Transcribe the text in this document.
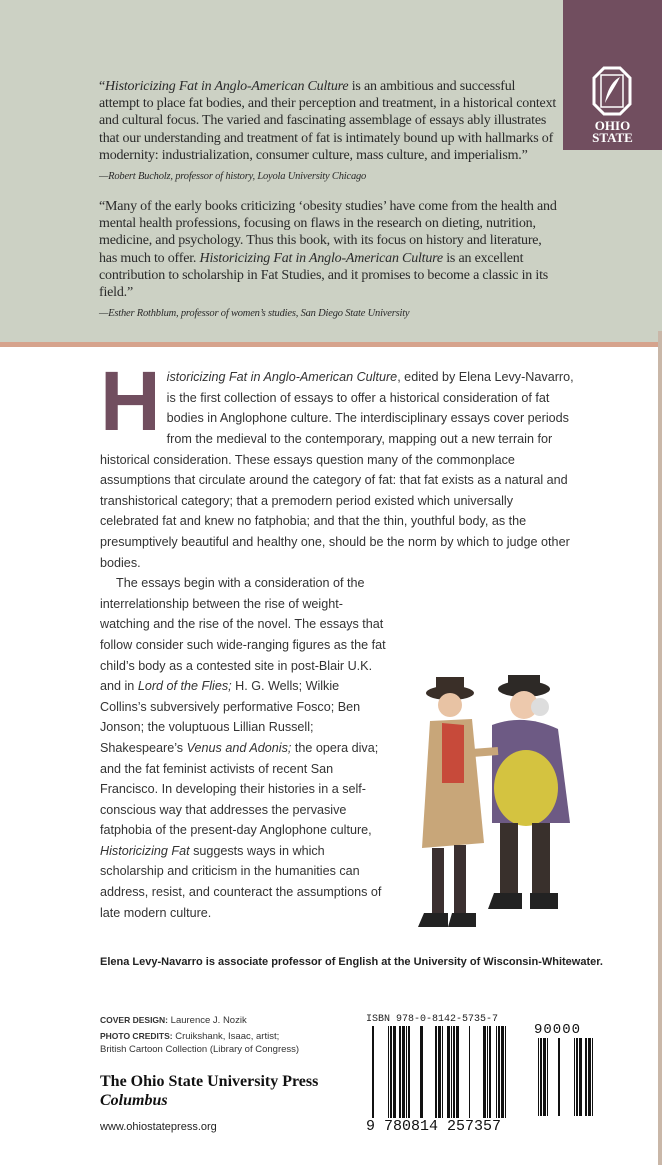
OHIO
STATE

“Historicizing Fat in Anglo-American Culture is an ambitious and successful attempt to place fat bodies, and their perception and treatment, in a historical context and cultural focus. The varied and fascinating assemblage of essays ably illustrates that our understanding and treatment of fat is intimately bound up with hallmarks of modernity: industrialization, consumer culture, mass culture, and imperialism.”

—Robert Bucholz, professor of history, Loyola University Chicago

“Many of the early books criticizing ‘obesity studies’ have come from the health and mental health professions, focusing on flaws in the research on dieting, nutrition, medicine, and psychology. Thus this book, with its focus on history and literature, has much to offer. Historicizing Fat in Anglo-American Culture is an excellent contribution to scholarship in Fat Studies, and it promises to become a classic in its field.”

—Esther Rothblum, professor of women’s studies, San Diego State University

H istoricizing Fat in Anglo-American Culture, edited by Elena Levy-Navarro, is the first collection of essays to offer a historical consideration of fat bodies in Anglophone culture. The interdisciplinary essays cover periods from the medieval to the contemporary, mapping out a new terrain for historical consideration. These essays question many of the commonplace assumptions that circulate around the category of fat: that fat exists as a natural and transhistorical category; that a premodern period existed which universally celebrated fat and knew no fatphobia; and that the thin, youthful body, as the presumptively beautiful and healthy one, should be the norm by which to judge other bodies.

The essays begin with a consideration of the interrelationship between the rise of weight-watching and the rise of the novel. The essays that follow consider such wide-ranging figures as the fat child’s body as a contested site in post-Blair U.K. and in Lord of the Flies; H. G. Wells; Wilkie Collins’s subversively performative Fosco; Ben Jonson; the voluptuous Lillian Russell; Shakespeare’s Venus and Adonis; the opera diva; and the fat feminist activists of recent San Francisco. In developing their histories in a self-conscious way that addresses the pervasive fatphobia of the present-day Anglophone culture, Historicizing Fat suggests ways in which scholarship and criticism in the humanities can address, resist, and counteract the assumptions of late modern culture.

Elena Levy-Navarro is associate professor of English at the University of Wisconsin-Whitewater.
COVER DESIGN: Laurence J. Nozik
PHOTO CREDITS: Cruikshank, Isaac, artist;
British Cartoon Collection (Library of Congress)
The Ohio State University Press
Columbus
www.ohiostatepress.org
ISBN 978-0-8142-5735-7
9 780814 257357
90000
